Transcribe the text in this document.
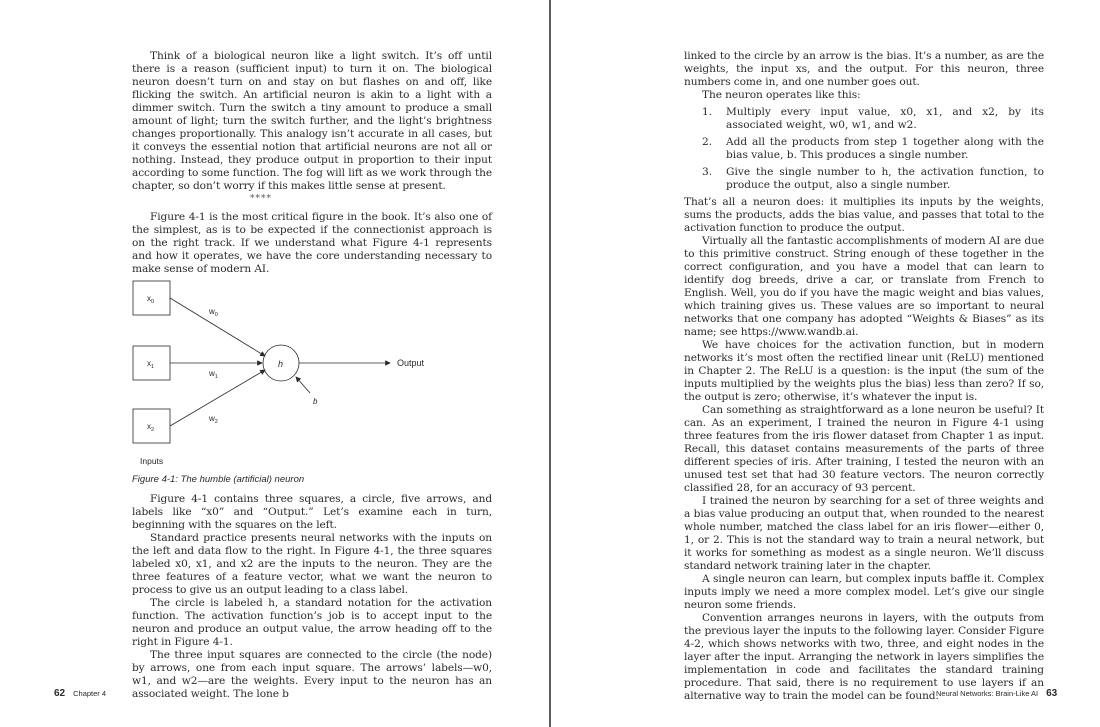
Think of a biological neuron like a light switch. It’s off until there is a reason (sufficient input) to turn it on. The biological neuron doesn’t turn on and stay on but flashes on and off, like flicking the switch. An artificial neuron is akin to a light with a dimmer switch. Turn the switch a tiny amount to produce a small amount of light; turn the switch further, and the light’s brightness changes proportionally. This analogy isn’t accurate in all cases, but it conveys the essential notion that artificial neurons are not all or nothing. Instead, they produce output in proportion to their input according to some function. The fog will lift as we work through the chapter, so don’t worry if this makes little sense at present.

****

Figure 4-1 is the most critical figure in the book. It’s also one of the simplest, as is to be expected if the connectionist approach is on the right track. If we understand what Figure 4-1 represents and how it operates, we have the core understanding necessary to make sense of modern AI.

$x_0$
$x_1$
$x_2$
$w_0$
$w_1$
$w_2$
h
b
Output
Inputs
Figure 4-1: The humble (artificial) neuron

Figure 4-1 contains three squares, a circle, five arrows, and labels like “x0” and “Output.” Let’s examine each in turn, beginning with the squares on the left.

Standard practice presents neural networks with the inputs on the left and data flow to the right. In Figure 4-1, the three squares labeled x0, x1, and x2 are the inputs to the neuron. They are the three features of a feature vector, what we want the neuron to process to give us an output leading to a class label.

The circle is labeled h, a standard notation for the activation function. The activation function’s job is to accept input to the neuron and produce an output value, the arrow heading off to the right in Figure 4-1.

The three input squares are connected to the circle (the node) by arrows, one from each input square. The arrows’ labels—w0, w1, and w2—are the weights. Every input to the neuron has an associated weight. The lone b

62 Chapter 4

linked to the circle by an arrow is the bias. It’s a number, as are the weights, the input xs, and the output. For this neuron, three numbers come in, and one number goes out.

The neuron operates like this:

1. Multiply every input value, x0, x1, and x2, by its associated weight, w0, w1, and w2.
2. Add all the products from step 1 together along with the bias value, b. This produces a single number.
3. Give the single number to h, the activation function, to produce the output, also a single number.

That’s all a neuron does: it multiplies its inputs by the weights, sums the products, adds the bias value, and passes that total to the activation function to produce the output.

Virtually all the fantastic accomplishments of modern AI are due to this primitive construct. String enough of these together in the correct configuration, and you have a model that can learn to identify dog breeds, drive a car, or translate from French to English. Well, you do if you have the magic weight and bias values, which training gives us. These values are so important to neural networks that one company has adopted “Weights & Biases” as its name; see https://www.wandb.ai.

We have choices for the activation function, but in modern networks it’s most often the rectified linear unit (ReLU) mentioned in Chapter 2. The ReLU is a question: is the input (the sum of the inputs multiplied by the weights plus the bias) less than zero? If so, the output is zero; otherwise, it’s whatever the input is.

Can something as straightforward as a lone neuron be useful? It can. As an experiment, I trained the neuron in Figure 4-1 using three features from the iris flower dataset from Chapter 1 as input. Recall, this dataset contains measurements of the parts of three different species of iris. After training, I tested the neuron with an unused test set that had 30 feature vectors. The neuron correctly classified 28, for an accuracy of 93 percent.

I trained the neuron by searching for a set of three weights and a bias value producing an output that, when rounded to the nearest whole number, matched the class label for an iris flower—either 0, 1, or 2. This is not the standard way to train a neural network, but it works for something as modest as a single neuron. We’ll discuss standard network training later in the chapter.

A single neuron can learn, but complex inputs baffle it. Complex inputs imply we need a more complex model. Let’s give our single neuron some friends.

Convention arranges neurons in layers, with the outputs from the previous layer the inputs to the following layer. Consider Figure 4-2, which shows networks with two, three, and eight nodes in the layer after the input. Arranging the network in layers simplifies the implementation in code and facilitates the standard training procedure. That said, there is no requirement to use layers if an alternative way to train the model can be found.

Neural Networks: Brain-Like AI 63
